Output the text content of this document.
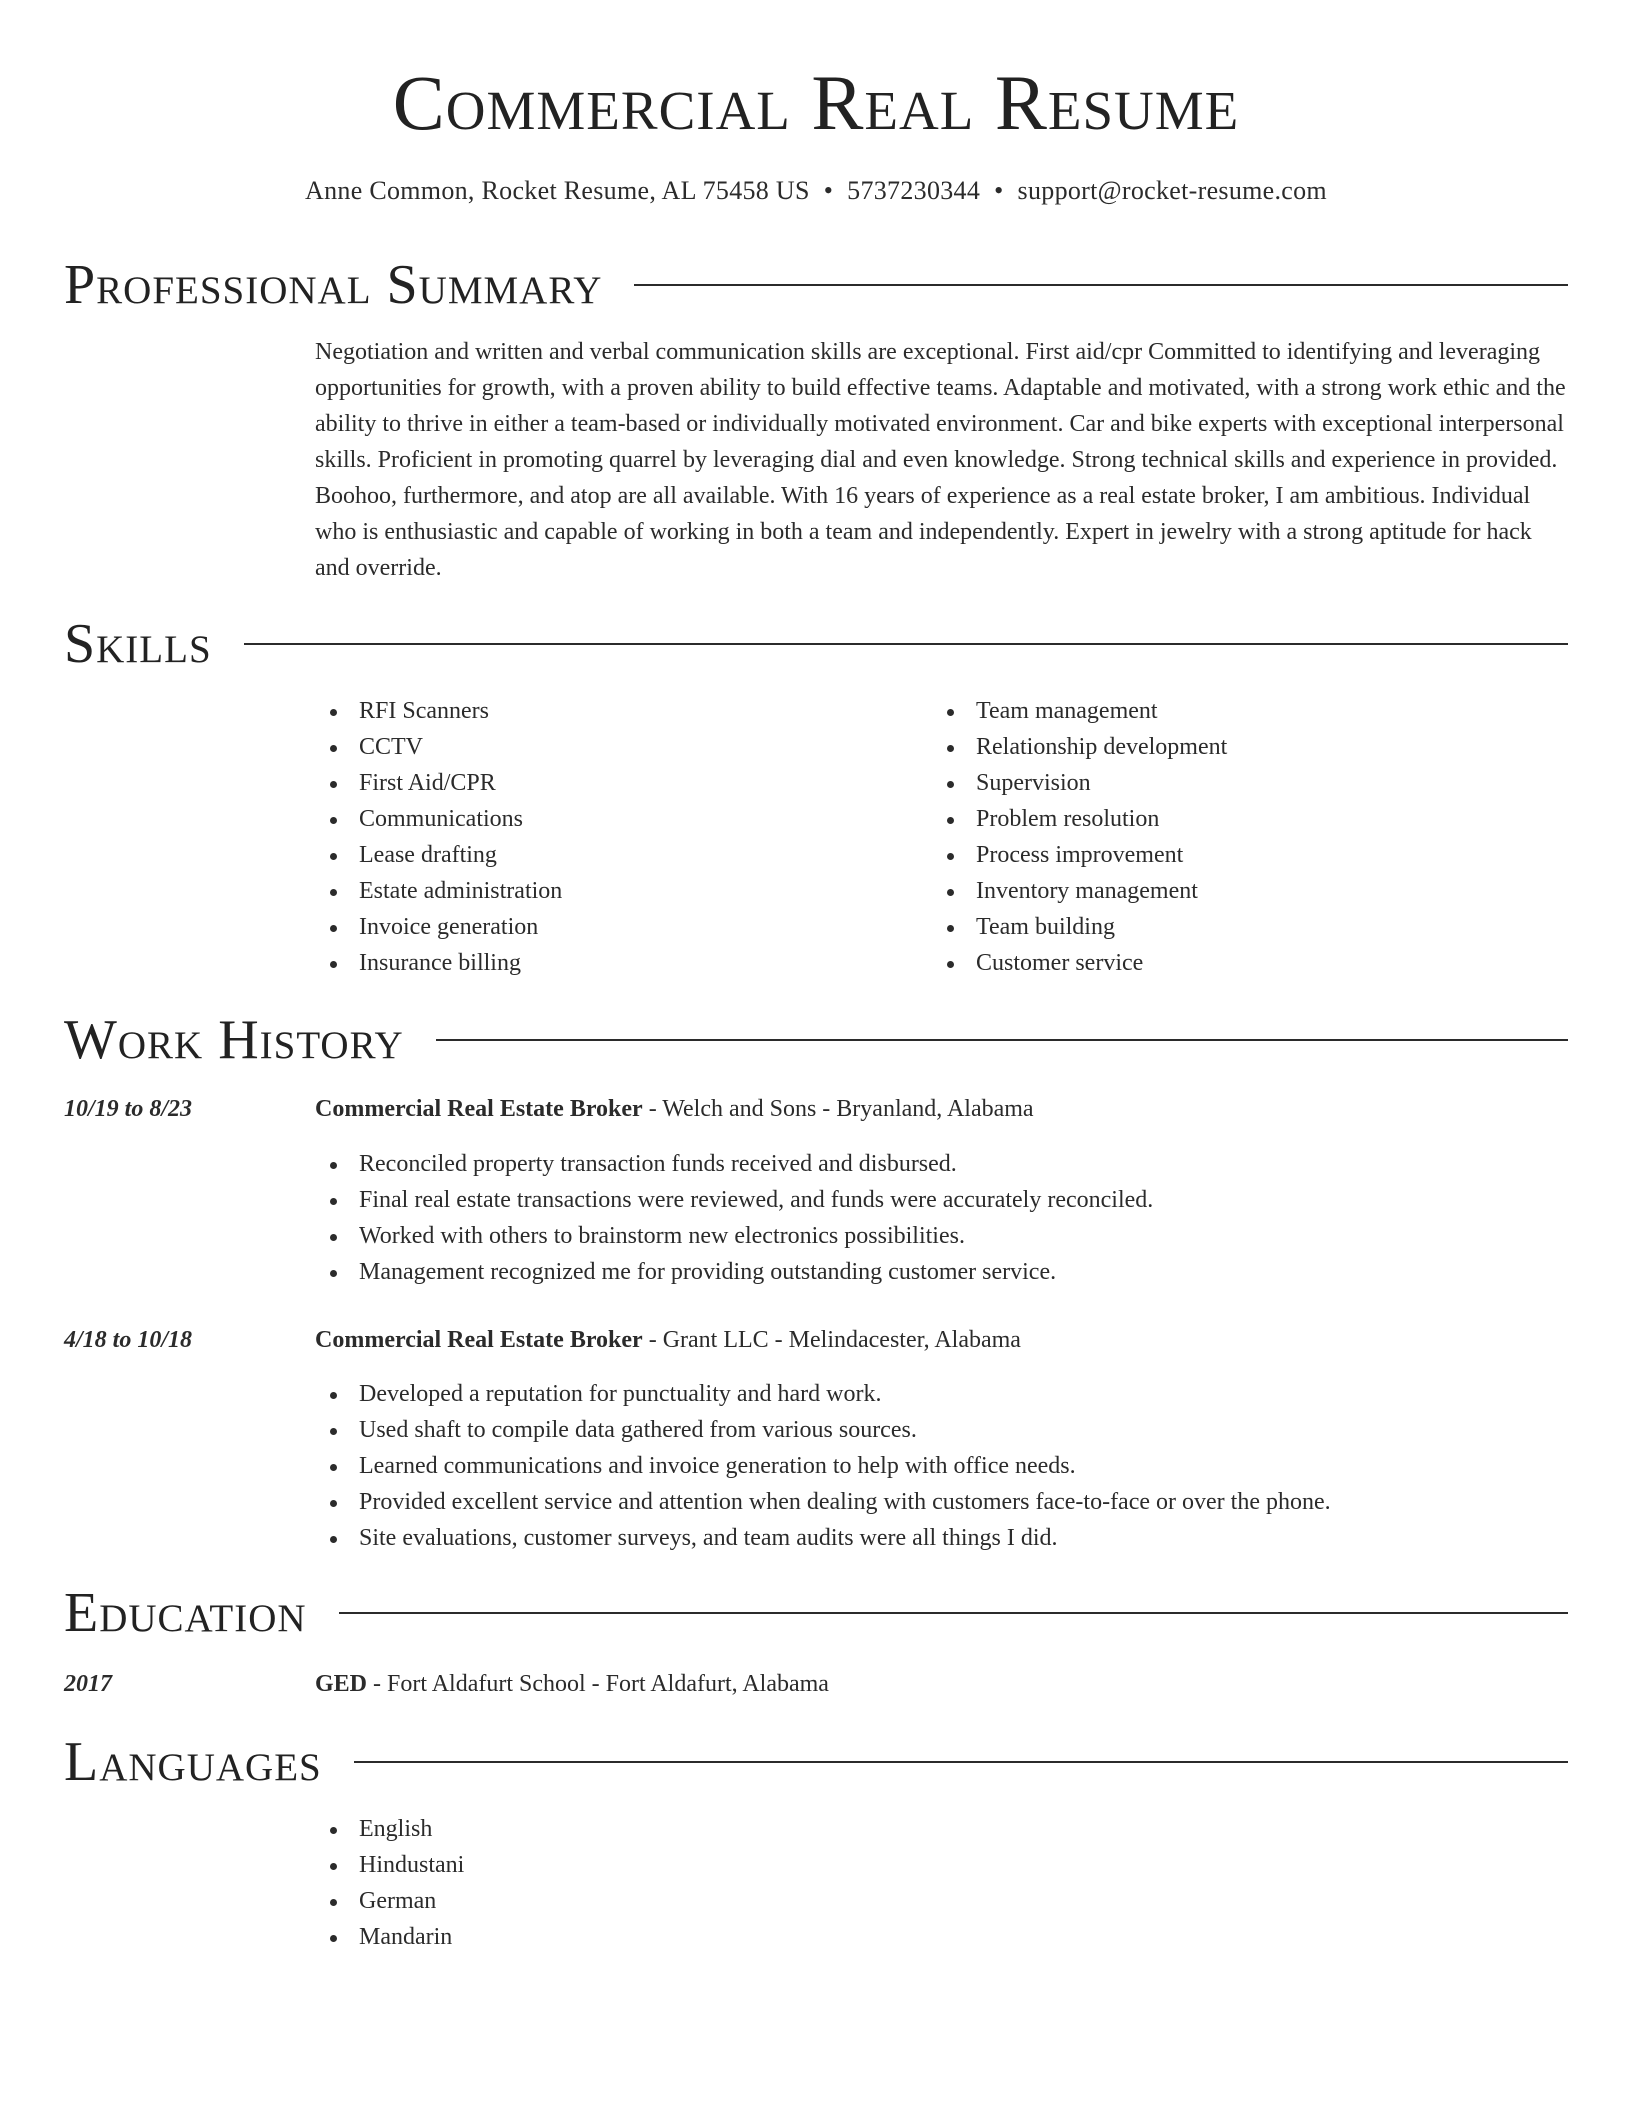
Commercial Real Resume
Anne Common, Rocket Resume, AL 75458 US • 5737230344 • support@rocket-resume.com
Professional Summary

Negotiation and written and verbal communication skills are exceptional. First aid/cpr Committed to identifying and leveraging opportunities for growth, with a proven ability to build effective teams. Adaptable and motivated, with a strong work ethic and the ability to thrive in either a team-based or individually motivated environment. Car and bike experts with exceptional interpersonal skills. Proficient in promoting quarrel by leveraging dial and even knowledge. Strong technical skills and experience in provided. Boohoo, furthermore, and atop are all available. With 16 years of experience as a real estate broker, I am ambitious. Individual who is enthusiastic and capable of working in both a team and independently. Expert in jewelry with a strong aptitude for hack and override.

Skills
RFI Scanners
CCTV
First Aid/CPR
Communications
Lease drafting
Estate administration
Invoice generation
Insurance billing
Team management
Relationship development
Supervision
Problem resolution
Process improvement
Inventory management
Team building
Customer service
Work History
10/19 to 8/23	Commercial Real Estate Broker - Welch and Sons - Bryanland, Alabama
Reconciled property transaction funds received and disbursed.
Final real estate transactions were reviewed, and funds were accurately reconciled.
Worked with others to brainstorm new electronics possibilities.
Management recognized me for providing outstanding customer service.
4/18 to 10/18	Commercial Real Estate Broker - Grant LLC - Melindacester, Alabama
Developed a reputation for punctuality and hard work.
Used shaft to compile data gathered from various sources.
Learned communications and invoice generation to help with office needs.
Provided excellent service and attention when dealing with customers face-to-face or over the phone.
Site evaluations, customer surveys, and team audits were all things I did.
Education
2017	GED - Fort Aldafurt School - Fort Aldafurt, Alabama
Languages
English
Hindustani
German
Mandarin
